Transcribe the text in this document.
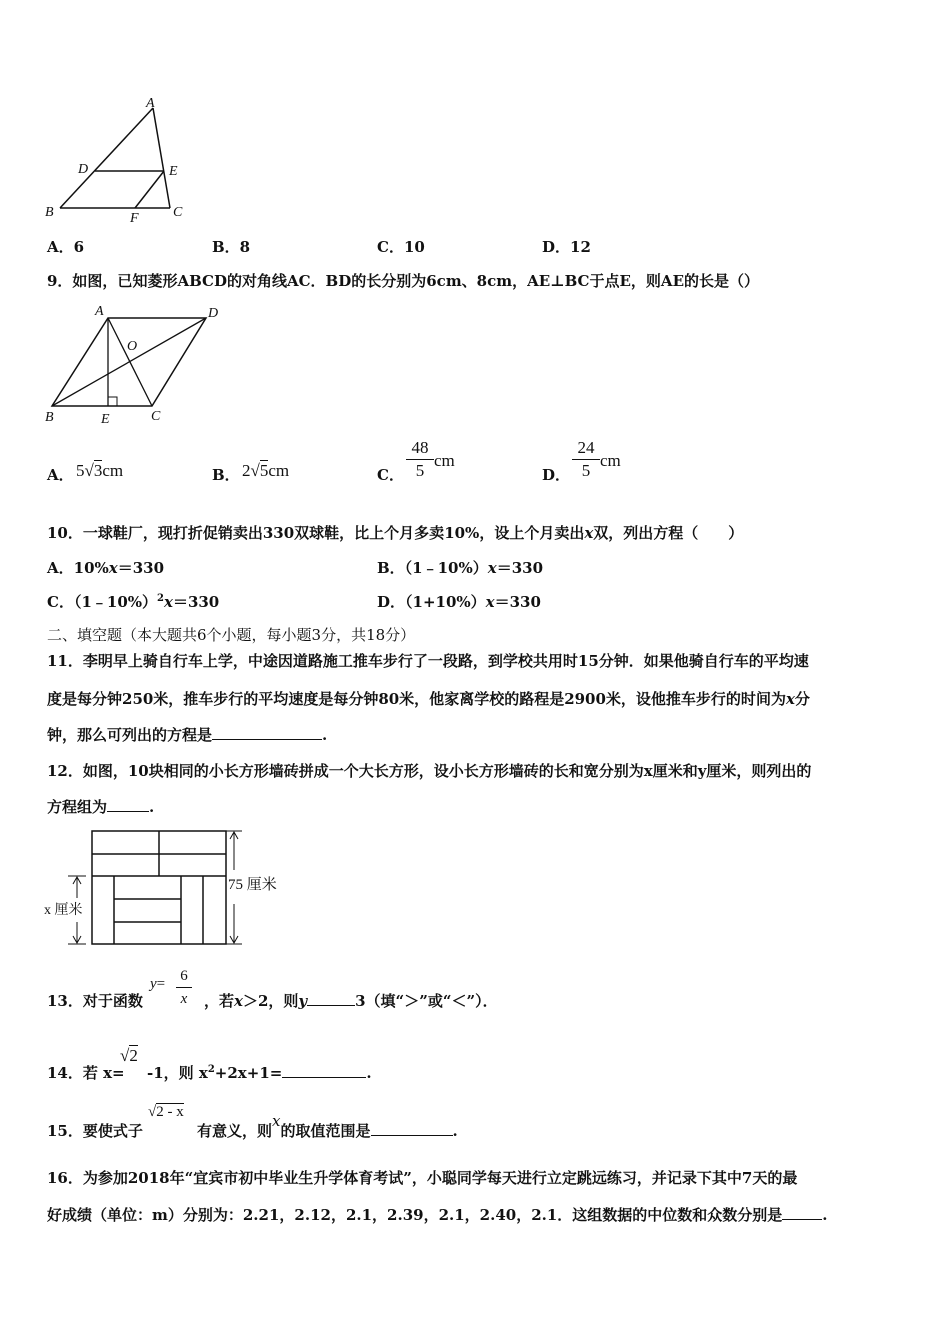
A
D	E
B	F C
A．6	B．8	C．10	D．12
9．如图，已知菱形ABCD的对角线AC．BD的长分别为6cm、8cm，AE⊥BC于点E，则AE的长是（）
A	D
O
B	E	C
A． 5√3cm	B． 2√5cm	C．
48
5
cm
D．
24
5
cm
10．一球鞋厂，现打折促销卖出330双球鞋，比上个月多卖10%，设上个月卖出x双，列出方程（　　）
A．10%x＝330	B．（1﹣10%）x＝330
C．（1﹣10%）$^2$x＝330	D．（1+10%）x＝330
二、填空题（本大题共6个小题，每小题3分，共18分）
11．李明早上骑自行车上学，中途因道路施工推车步行了一段路，到学校共用时15分钟．如果他骑自行车的平均速
度是每分钟250米，推车步行的平均速度是每分钟80米，他家离学校的路程是2900米，设他推车步行的时间为x分
钟，那么可列出的方程是	.
12．如图，10块相同的小长方形墙砖拼成一个大长方形，设小长方形墙砖的长和宽分别为x厘米和y厘米，则列出的
方程组为	.
75 厘米
x 厘米
13．对于函数
y= 6
x	，若x＞2，则y	3（填“＞”或“＜”）．
14．若 x=
√2
-1，则 $x^2+2x+1=$	.
15．要使式子
√2 - x
有意义，则x的取值范围是	.
16．为参加2018年“宜宾市初中毕业生升学体育考试”，小聪同学每天进行立定跳远练习，并记录下其中7天的最
好成绩（单位：m）分别为：2.21，2.12，2.1，2.39，2.1，2.40，2.1．这组数据的中位数和众数分别是	.
